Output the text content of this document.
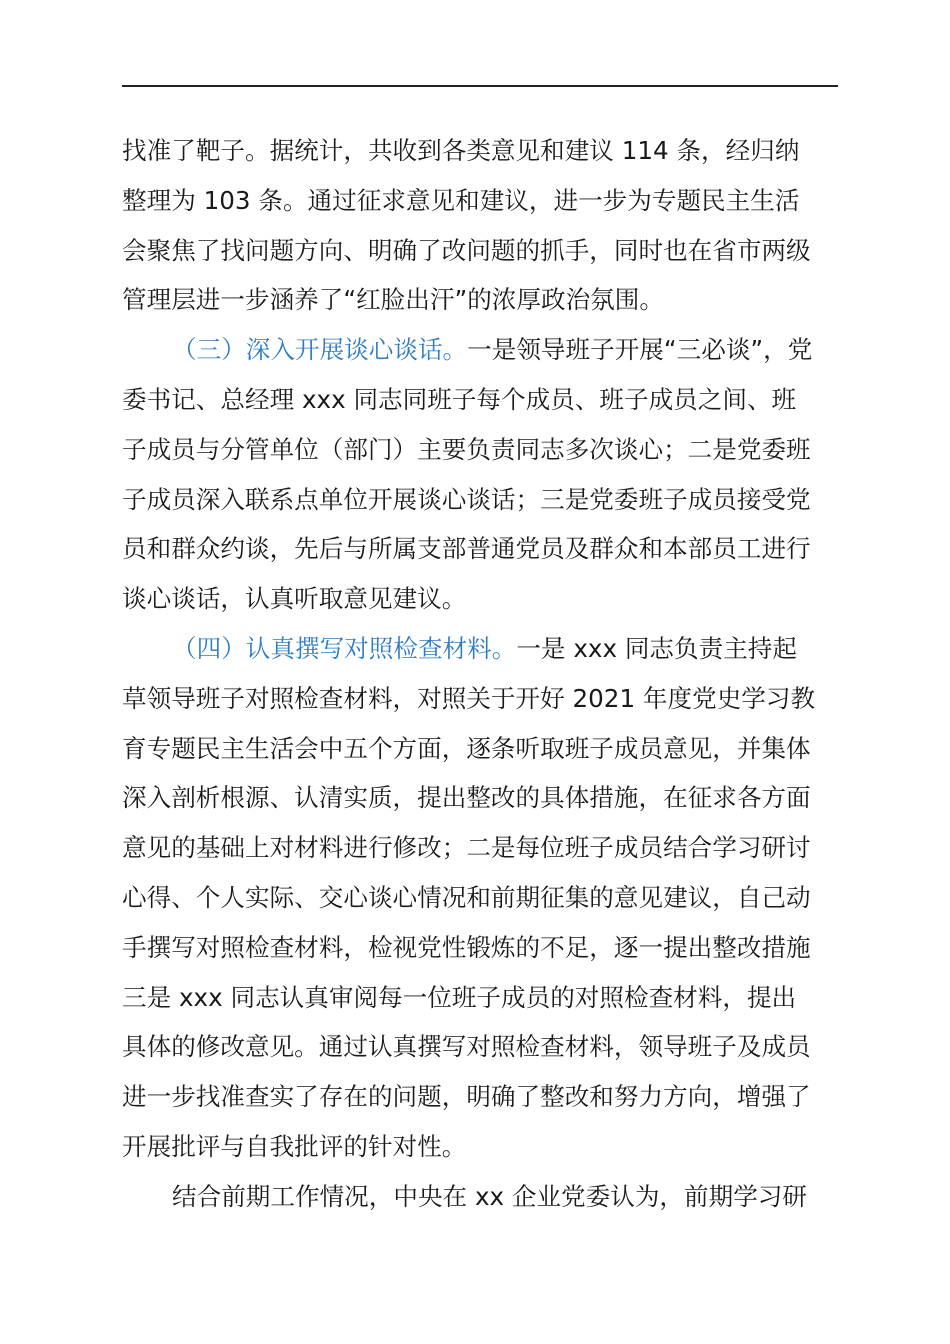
找准了靶子。据统计，共收到各类意见和建议 114 条，经归纳
整理为 103 条。通过征求意见和建议，进一步为专题民主生活
会聚焦了找问题方向、明确了改问题的抓手，同时也在省市两级
管理层进一步涵养了“红脸出汗”的浓厚政治氛围。
（三）深入开展谈心谈话。一是领导班子开展“三必谈”，党
委书记、总经理 xxx 同志同班子每个成员、班子成员之间、班
子成员与分管单位（部门）主要负责同志多次谈心；二是党委班
子成员深入联系点单位开展谈心谈话；三是党委班子成员接受党
员和群众约谈，先后与所属支部普通党员及群众和本部员工进行
谈心谈话，认真听取意见建议。
（四）认真撰写对照检查材料。一是 xxx 同志负责主持起
草领导班子对照检查材料，对照关于开好 2021 年度党史学习教
育专题民主生活会中五个方面，逐条听取班子成员意见，并集体
深入剖析根源、认清实质，提出整改的具体措施，在征求各方面
意见的基础上对材料进行修改；二是每位班子成员结合学习研讨
心得、个人实际、交心谈心情况和前期征集的意见建议，自己动
手撰写对照检查材料，检视党性锻炼的不足，逐一提出整改措施
三是 xxx 同志认真审阅每一位班子成员的对照检查材料，提出
具体的修改意见。通过认真撰写对照检查材料，领导班子及成员
进一步找准查实了存在的问题，明确了整改和努力方向，增强了
开展批评与自我批评的针对性。
结合前期工作情况，中央在 xx 企业党委认为，前期学习研
